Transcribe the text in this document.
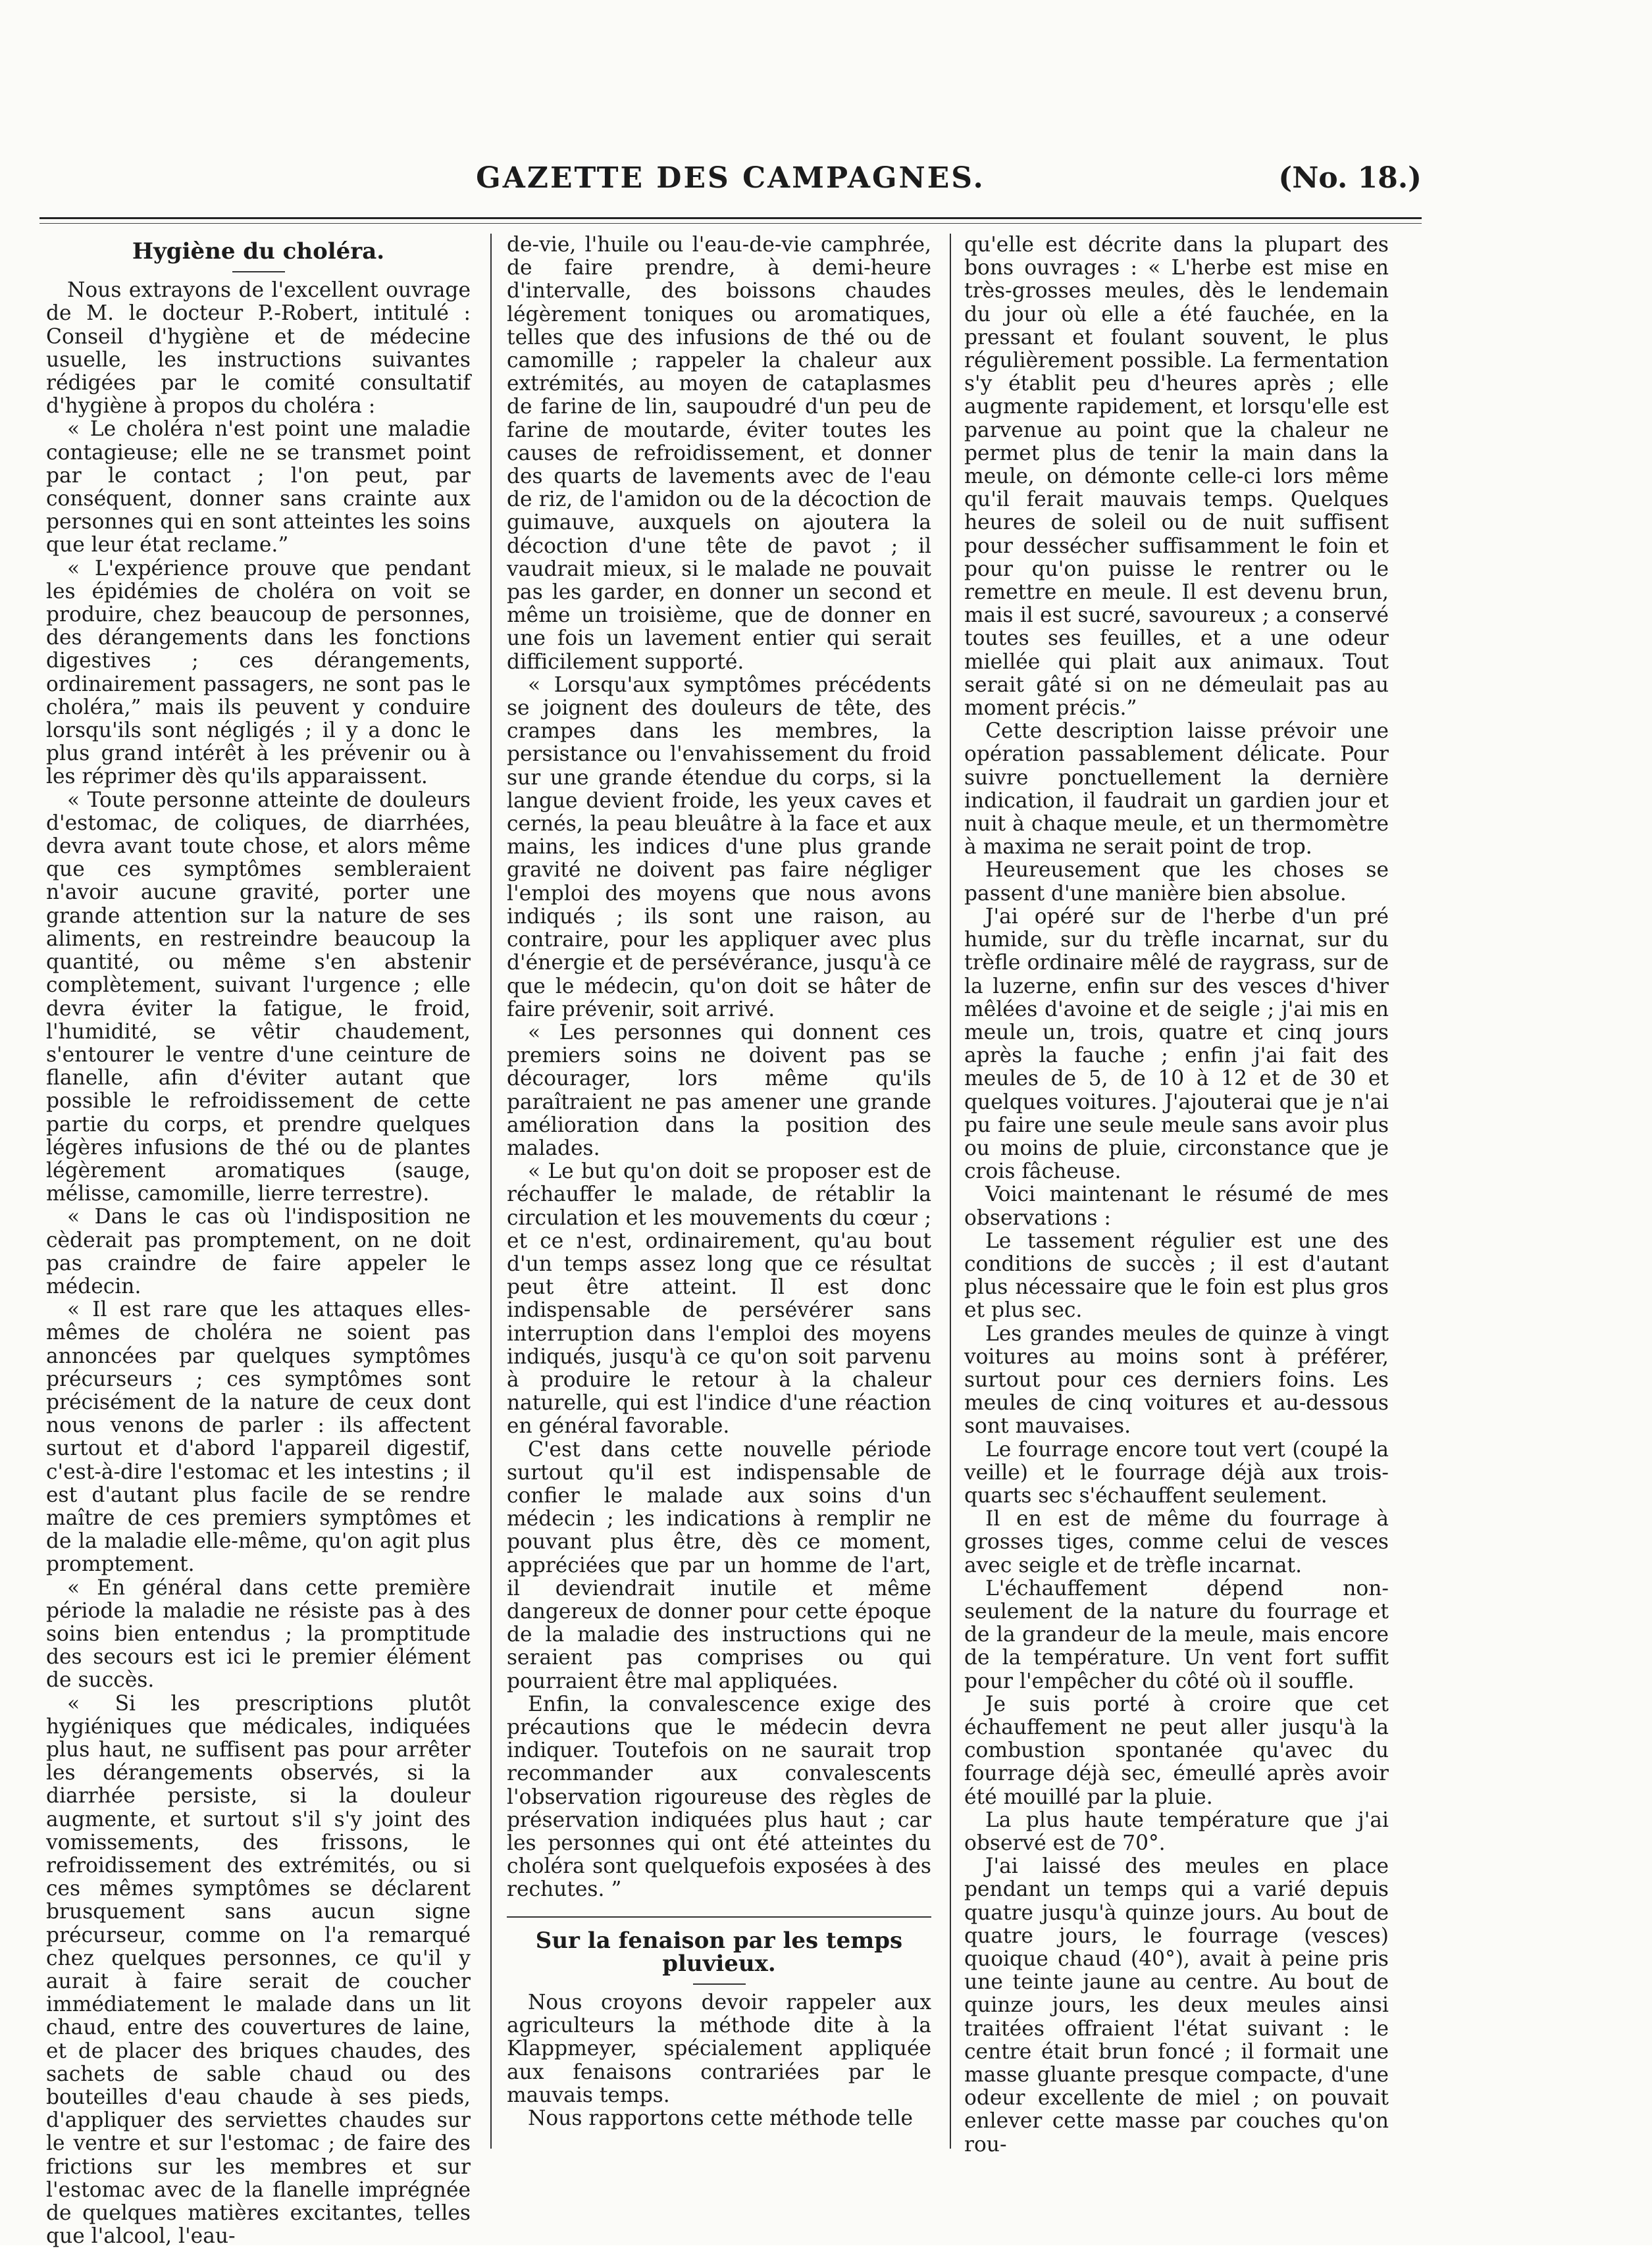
GAZETTE DES CAMPAGNES.	(No. 18.)
Hygiène du choléra.

Nous extrayons de l'excellent ouvrage de M. le docteur P.-Robert, intitulé : Conseil d'hygiène et de médecine usuelle, les instructions suivantes rédigées par le comité consultatif d'hygiène à propos du choléra :

« Le choléra n'est point une maladie contagieuse; elle ne se transmet point par le contact ; l'on peut, par conséquent, donner sans crainte aux personnes qui en sont atteintes les soins que leur état reclame.”

« L'expérience prouve que pendant les épidémies de choléra on voit se produire, chez beaucoup de personnes, des dérangements dans les fonctions digestives ; ces dérangements, ordinairement passagers, ne sont pas le choléra,” mais ils peuvent y conduire lorsqu'ils sont négligés ; il y a donc le plus grand intérêt à les prévenir ou à les réprimer dès qu'ils apparaissent.

« Toute personne atteinte de douleurs d'estomac, de coliques, de diarrhées, devra avant toute chose, et alors même que ces symptômes sembleraient n'avoir aucune gravité, porter une grande attention sur la nature de ses aliments, en restreindre beaucoup la quantité, ou même s'en abstenir complètement, suivant l'urgence ; elle devra éviter la fatigue, le froid, l'humidité, se vêtir chaudement, s'entourer le ventre d'une ceinture de flanelle, afin d'éviter autant que possible le refroidissement de cette partie du corps, et prendre quelques légères infusions de thé ou de plantes légèrement aromatiques (sauge, mélisse, camomille, lierre terrestre).

« Dans le cas où l'indisposition ne cèderait pas promptement, on ne doit pas craindre de faire appeler le médecin.

« Il est rare que les attaques elles-mêmes de choléra ne soient pas annoncées par quelques symptômes précurseurs ; ces symptômes sont précisément de la nature de ceux dont nous venons de parler : ils affectent surtout et d'abord l'appareil digestif, c'est-à-dire l'estomac et les intestins ; il est d'autant plus facile de se rendre maître de ces premiers symptômes et de la maladie elle-même, qu'on agit plus promptement.

« En général dans cette première période la maladie ne résiste pas à des soins bien entendus ; la promptitude des secours est ici le premier élément de succès.

« Si les prescriptions plutôt hygiéniques que médicales, indiquées plus haut, ne suffisent pas pour arrêter les dérangements observés, si la diarrhée persiste, si la douleur augmente, et surtout s'il s'y joint des vomissements, des frissons, le refroidissement des extrémités, ou si ces mêmes symptômes se déclarent brusquement sans aucun signe précurseur, comme on l'a remarqué chez quelques personnes, ce qu'il y aurait à faire serait de coucher immédiatement le malade dans un lit chaud, entre des couvertures de laine, et de placer des briques chaudes, des sachets de sable chaud ou des bouteilles d'eau chaude à ses pieds, d'appliquer des serviettes chaudes sur le ventre et sur l'estomac ; de faire des frictions sur les membres et sur l'estomac avec de la flanelle imprégnée de quelques matières excitantes, telles que l'alcool, l'eau-

de-vie, l'huile ou l'eau-de-vie camphrée, de faire prendre, à demi-heure d'intervalle, des boissons chaudes légèrement toniques ou aromatiques, telles que des infusions de thé ou de camomille ; rappeler la chaleur aux extrémités, au moyen de cataplasmes de farine de lin, saupoudré d'un peu de farine de moutarde, éviter toutes les causes de refroidissement, et donner des quarts de lavements avec de l'eau de riz, de l'amidon ou de la décoction de guimauve, auxquels on ajoutera la décoction d'une tête de pavot ; il vaudrait mieux, si le malade ne pouvait pas les garder, en donner un second et même un troisième, que de donner en une fois un lavement entier qui serait difficilement supporté.

« Lorsqu'aux symptômes précédents se joignent des douleurs de tête, des crampes dans les membres, la persistance ou l'envahissement du froid sur une grande étendue du corps, si la langue devient froide, les yeux caves et cernés, la peau bleuâtre à la face et aux mains, les indices d'une plus grande gravité ne doivent pas faire négliger l'emploi des moyens que nous avons indiqués ; ils sont une raison, au contraire, pour les appliquer avec plus d'énergie et de persévérance, jusqu'à ce que le médecin, qu'on doit se hâter de faire prévenir, soit arrivé.

« Les personnes qui donnent ces premiers soins ne doivent pas se décourager, lors même qu'ils paraîtraient ne pas amener une grande amélioration dans la position des malades.

« Le but qu'on doit se proposer est de réchauffer le malade, de rétablir la circulation et les mouvements du cœur ; et ce n'est, ordinairement, qu'au bout d'un temps assez long que ce résultat peut être atteint. Il est donc indispensable de persévérer sans interruption dans l'emploi des moyens indiqués, jusqu'à ce qu'on soit parvenu à produire le retour à la chaleur naturelle, qui est l'indice d'une réaction en général favorable.

C'est dans cette nouvelle période surtout qu'il est indispensable de confier le malade aux soins d'un médecin ; les indications à remplir ne pouvant plus être, dès ce moment, appréciées que par un homme de l'art, il deviendrait inutile et même dangereux de donner pour cette époque de la maladie des instructions qui ne seraient pas comprises ou qui pourraient être mal appliquées.

Enfin, la convalescence exige des précautions que le médecin devra indiquer. Toutefois on ne saurait trop recommander aux convalescents l'observation rigoureuse des règles de préservation indiquées plus haut ; car les personnes qui ont été atteintes du choléra sont quelquefois exposées à des rechutes. ”

Sur la fenaison par les temps pluvieux.

Nous croyons devoir rappeler aux agriculteurs la méthode dite à la Klappmeyer, spécialement appliquée aux fenaisons contrariées par le mauvais temps.

Nous rapportons cette méthode telle

qu'elle est décrite dans la plupart des bons ouvrages : « L'herbe est mise en très-grosses meules, dès le lendemain du jour où elle a été fauchée, en la pressant et foulant souvent, le plus régulièrement possible. La fermentation s'y établit peu d'heures après ; elle augmente rapidement, et lorsqu'elle est parvenue au point que la chaleur ne permet plus de tenir la main dans la meule, on démonte celle-ci lors même qu'il ferait mauvais temps. Quelques heures de soleil ou de nuit suffisent pour dessécher suffisamment le foin et pour qu'on puisse le rentrer ou le remettre en meule. Il est devenu brun, mais il est sucré, savoureux ; a conservé toutes ses feuilles, et a une odeur miellée qui plait aux animaux. Tout serait gâté si on ne démeulait pas au moment précis.”

Cette description laisse prévoir une opération passablement délicate. Pour suivre ponctuellement la dernière indication, il faudrait un gardien jour et nuit à chaque meule, et un thermomètre à maxima ne serait point de trop.

Heureusement que les choses se passent d'une manière bien absolue.

J'ai opéré sur de l'herbe d'un pré humide, sur du trèfle incarnat, sur du trèfle ordinaire mêlé de raygrass, sur de la luzerne, enfin sur des vesces d'hiver mêlées d'avoine et de seigle ; j'ai mis en meule un, trois, quatre et cinq jours après la fauche ; enfin j'ai fait des meules de 5, de 10 à 12 et de 30 et quelques voitures. J'ajouterai que je n'ai pu faire une seule meule sans avoir plus ou moins de pluie, circonstance que je crois fâcheuse.

Voici maintenant le résumé de mes observations :

Le tassement régulier est une des conditions de succès ; il est d'autant plus nécessaire que le foin est plus gros et plus sec.

Les grandes meules de quinze à vingt voitures au moins sont à préférer, surtout pour ces derniers foins. Les meules de cinq voitures et au-dessous sont mauvaises.

Le fourrage encore tout vert (coupé la veille) et le fourrage déjà aux trois-quarts sec s'échauffent seulement.

Il en est de même du fourrage à grosses tiges, comme celui de vesces avec seigle et de trèfle incarnat.

L'échauffement dépend non-seulement de la nature du fourrage et de la grandeur de la meule, mais encore de la température. Un vent fort suffit pour l'empêcher du côté où il souffle.

Je suis porté à croire que cet échauffement ne peut aller jusqu'à la combustion spontanée qu'avec du fourrage déjà sec, émeullé après avoir été mouillé par la pluie.

La plus haute température que j'ai observé est de 70°.

J'ai laissé des meules en place pendant un temps qui a varié depuis quatre jusqu'à quinze jours. Au bout de quatre jours, le fourrage (vesces) quoique chaud (40°), avait à peine pris une teinte jaune au centre. Au bout de quinze jours, les deux meules ainsi traitées offraient l'état suivant : le centre était brun foncé ; il formait une masse gluante presque compacte, d'une odeur excellente de miel ; on pouvait enlever cette masse par couches qu'on rou-
